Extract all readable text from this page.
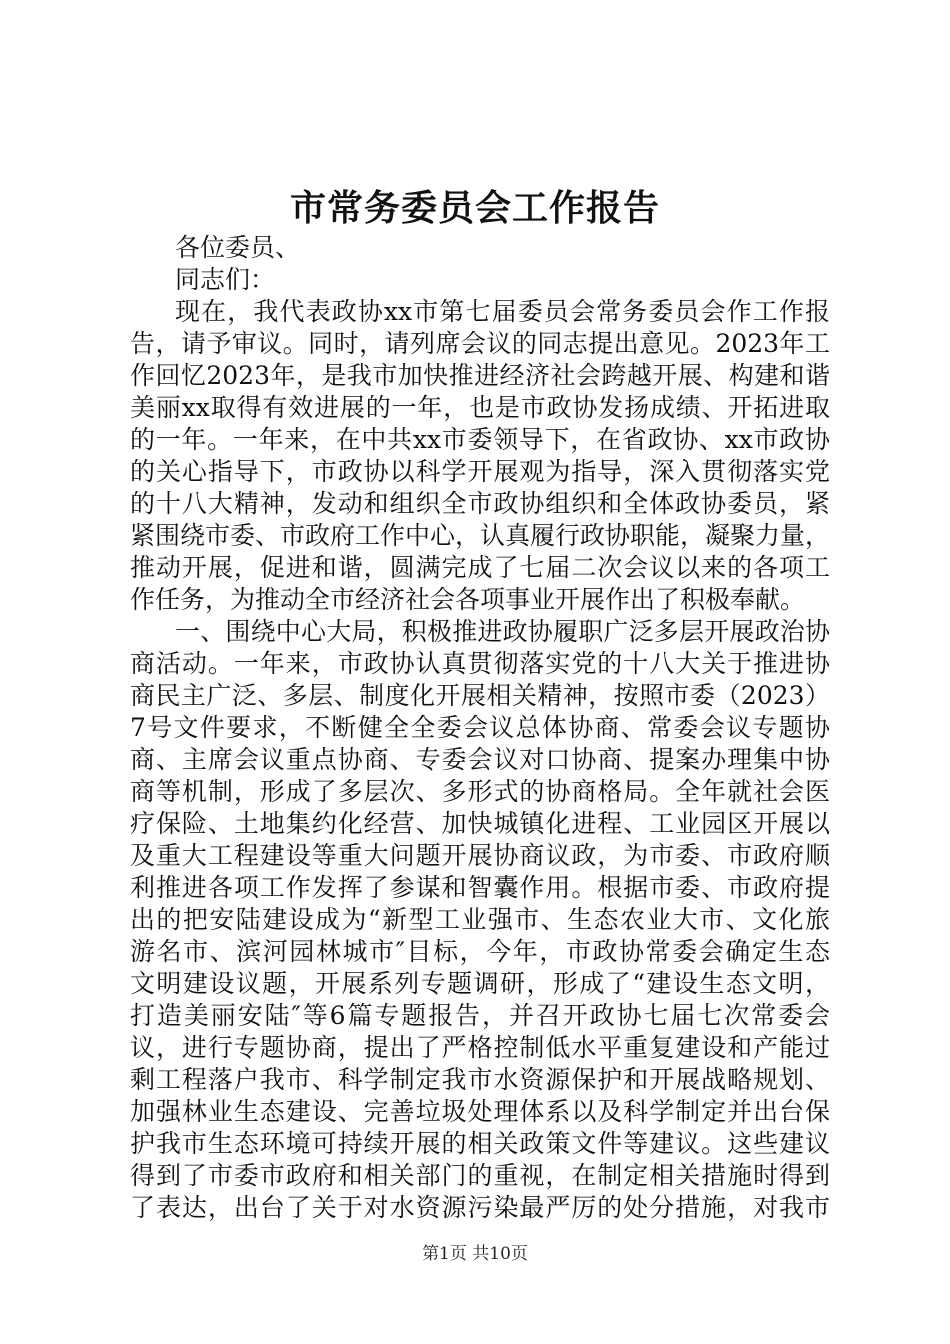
市常务委员会工作报告
各位委员、
同志们：
现在，我代表政协xx市第七届委员会常务委员会作工作报
告，请予审议。同时，请列席会议的同志提出意见。2023年工
作回忆2023年，是我市加快推进经济社会跨越开展、构建和谐
美丽xx取得有效进展的一年，也是市政协发扬成绩、开拓进取
的一年。一年来，在中共xx市委领导下，在省政协、xx市政协
的关心指导下，市政协以科学开展观为指导，深入贯彻落实党
的十八大精神，发动和组织全市政协组织和全体政协委员，紧
紧围绕市委、市政府工作中心，认真履行政协职能，凝聚力量，
推动开展，促进和谐，圆满完成了七届二次会议以来的各项工
作任务，为推动全市经济社会各项事业开展作出了积极奉献。
一、围绕中心大局，积极推进政协履职广泛多层开展政治协
商活动。一年来，市政协认真贯彻落实党的十八大关于推进协
商民主广泛、多层、制度化开展相关精神，按照市委（2023）
7号文件要求，不断健全全委会议总体协商、常委会议专题协
商、主席会议重点协商、专委会议对口协商、提案办理集中协
商等机制，形成了多层次、多形式的协商格局。全年就社会医
疗保险、土地集约化经营、加快城镇化进程、工业园区开展以
及重大工程建设等重大问题开展协商议政，为市委、市政府顺
利推进各项工作发挥了参谋和智囊作用。根据市委、市政府提
出的把安陆建设成为“新型工业强市、生态农业大市、文化旅
游名市、滨河园林城市″目标，今年，市政协常委会确定生态
文明建设议题，开展系列专题调研，形成了“建设生态文明，
打造美丽安陆″等6篇专题报告，并召开政协七届七次常委会
议，进行专题协商，提出了严格控制低水平重复建设和产能过
剩工程落户我市、科学制定我市水资源保护和开展战略规划、
加强林业生态建设、完善垃圾处理体系以及科学制定并出台保
护我市生态环境可持续开展的相关政策文件等建议。这些建议
得到了市委市政府和相关部门的重视，在制定相关措施时得到
了表达，出台了关于对水资源污染最严厉的处分措施，对我市
第1页 共10页
